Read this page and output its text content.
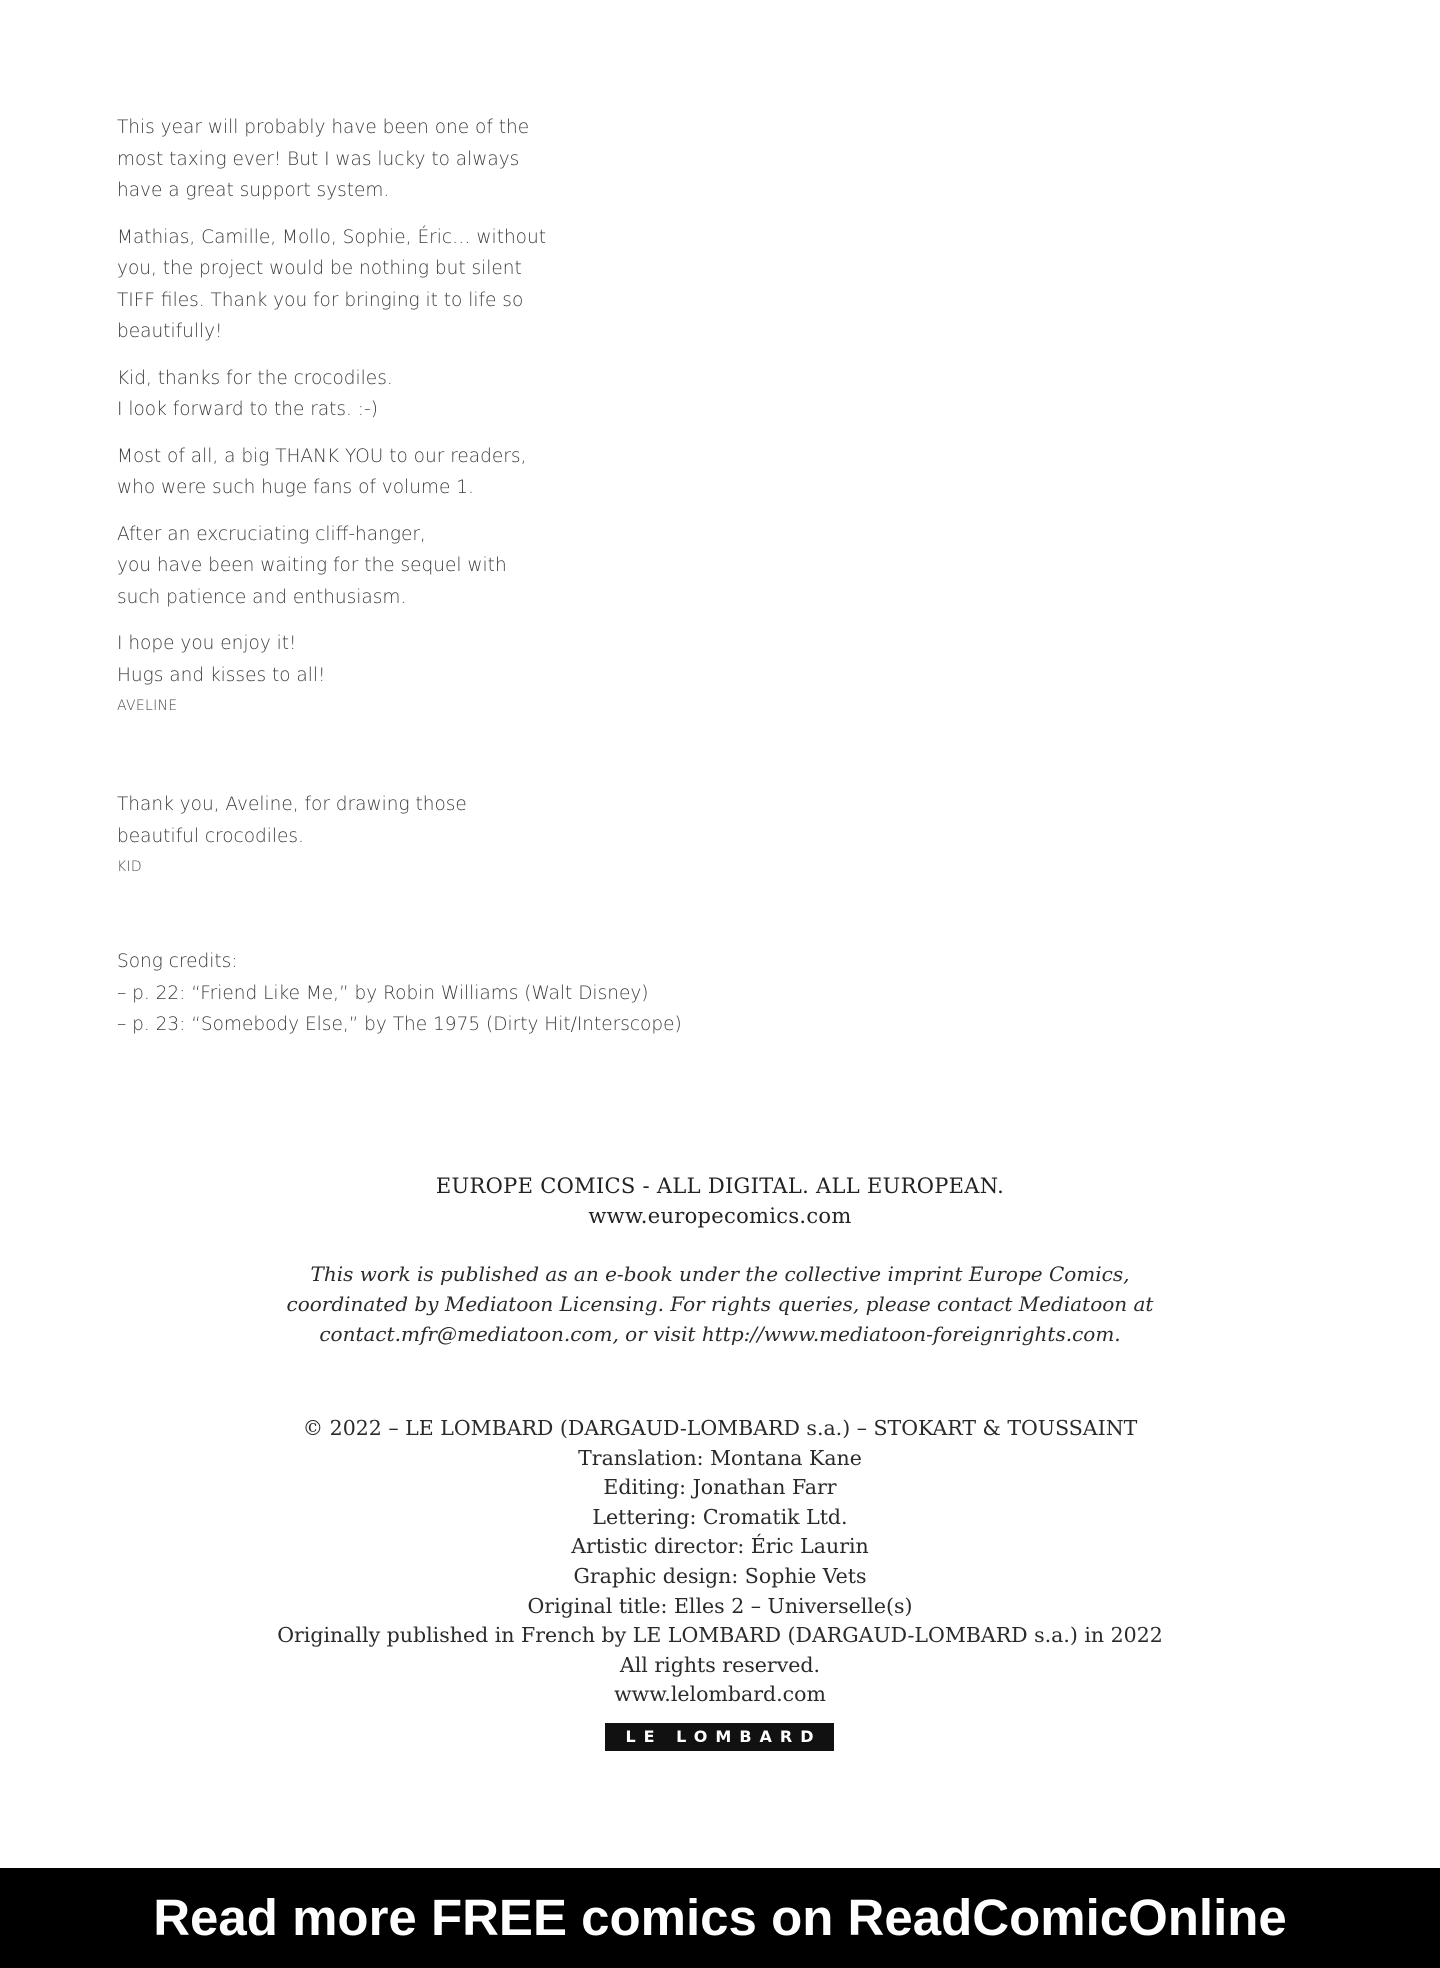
This year will probably have been one of the
most taxing ever! But I was lucky to always
have a great support system.

Mathias, Camille, Mollo, Sophie, Éric… without
you, the project would be nothing but silent
TIFF files. Thank you for bringing it to life so
beautifully!

Kid, thanks for the crocodiles.
I look forward to the rats. :-)

Most of all, a big THANK YOU to our readers,
who were such huge fans of volume 1.

After an excruciating cliff-hanger,
you have been waiting for the sequel with
such patience and enthusiasm.

I hope you enjoy it!
Hugs and kisses to all!
AVELINE

Thank you, Aveline, for drawing those
beautiful crocodiles.
KID

Song credits:
– p. 22: “Friend Like Me,” by Robin Williams (Walt Disney)
– p. 23: “Somebody Else,” by The 1975 (Dirty Hit/Interscope)

EUROPE COMICS - ALL DIGITAL. ALL EUROPEAN.
www.europecomics.com
This work is published as an e-book under the collective imprint Europe Comics,
coordinated by Mediatoon Licensing. For rights queries, please contact Mediatoon at
contact.mfr@mediatoon.com, or visit http://www.mediatoon-foreignrights.com.
© 2022 – LE LOMBARD (DARGAUD-LOMBARD s.a.) – STOKART & TOUSSAINT
Translation: Montana Kane
Editing: Jonathan Farr
Lettering: Cromatik Ltd.
Artistic director: Éric Laurin
Graphic design: Sophie Vets
Original title: Elles 2 – Universelle(s)
Originally published in French by LE LOMBARD (DARGAUD-LOMBARD s.a.) in 2022
All rights reserved.
www.lelombard.com
LE LOMBARD
Read more FREE comics on ReadComicOnline
